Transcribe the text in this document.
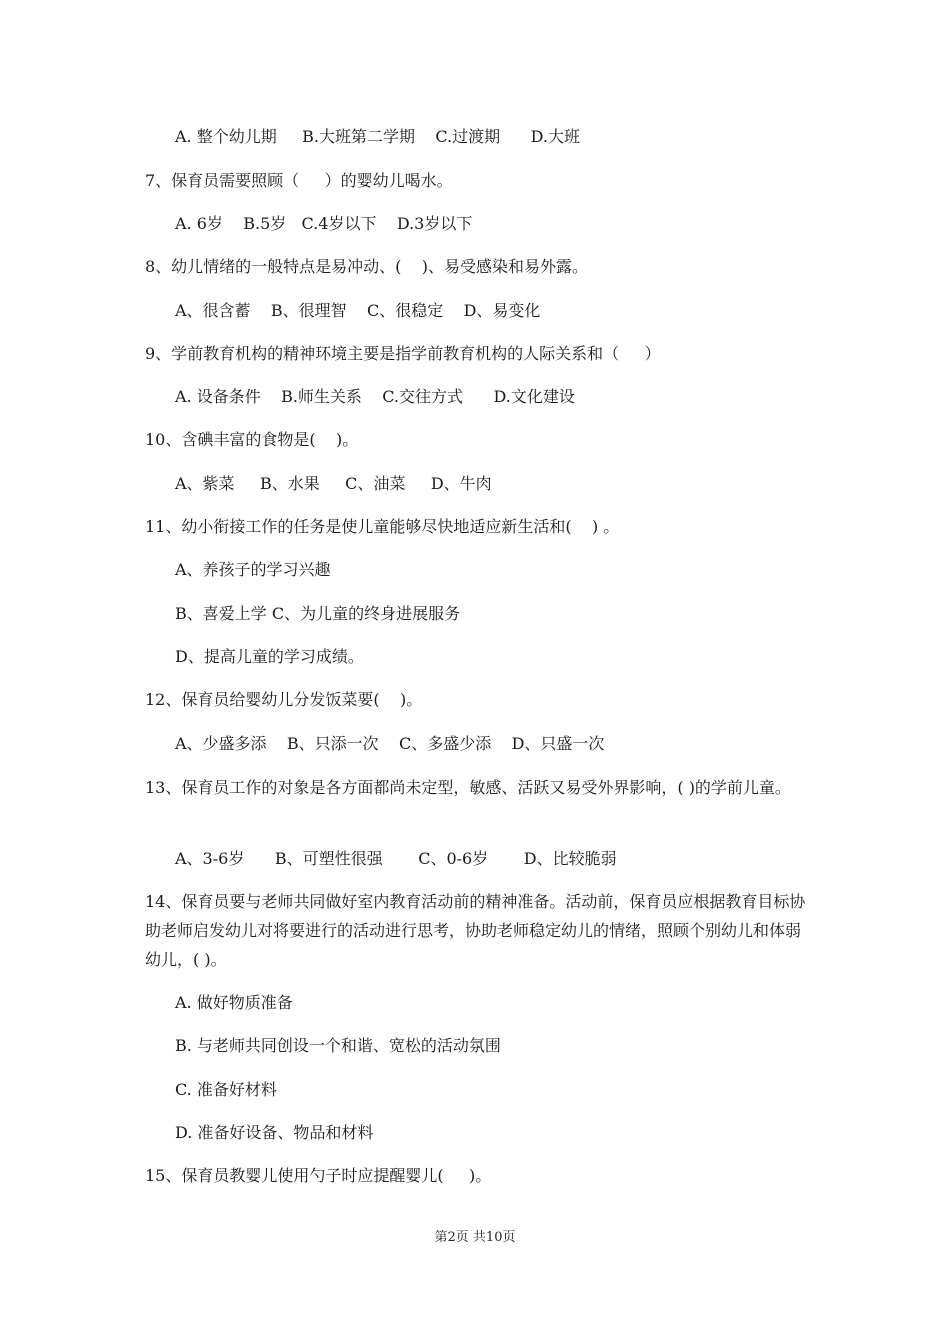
A. 整个幼儿期     B.大班第二学期    C.过渡期      D.大班
7、保育员需要照顾（     ）的婴幼儿喝水。
A. 6岁    B.5岁   C.4岁以下    D.3岁以下
8、幼儿情绪的一般特点是易冲动、(    )、易受感染和易外露。
A、很含蓄    B、很理智    C、很稳定    D、易变化
9、学前教育机构的精神环境主要是指学前教育机构的人际关系和（     ）
A. 设备条件    B.师生关系    C.交往方式      D.文化建设
10、含碘丰富的食物是(    )。
A、紫菜     B、水果     C、油菜     D、牛肉
11、幼小衔接工作的任务是使儿童能够尽快地适应新生活和(    ) 。
A、养孩子的学习兴趣
B、喜爱上学 C、为儿童的终身进展服务
D、提高儿童的学习成绩。
12、保育员给婴幼儿分发饭菜要(    )。
A、少盛多添    B、只添一次    C、多盛少添    D、只盛一次
13、保育员工作的对象是各方面都尚未定型，敏感、活跃又易受外界影响，( )的学前儿童。
A、3-6岁      B、可塑性很强       C、0-6岁       D、比较脆弱
14、保育员要与老师共同做好室内教育活动前的精神准备。活动前，保育员应根据教育目标协助老师启发幼儿对将要进行的活动进行思考，协助老师稳定幼儿的情绪，照顾个别幼儿和体弱幼儿，( )。
A. 做好物质准备
B. 与老师共同创设一个和谐、宽松的活动氛围
C. 准备好材料
D. 准备好设备、物品和材料
15、保育员教婴儿使用勺子时应提醒婴儿(     )。
第2页 共10页
